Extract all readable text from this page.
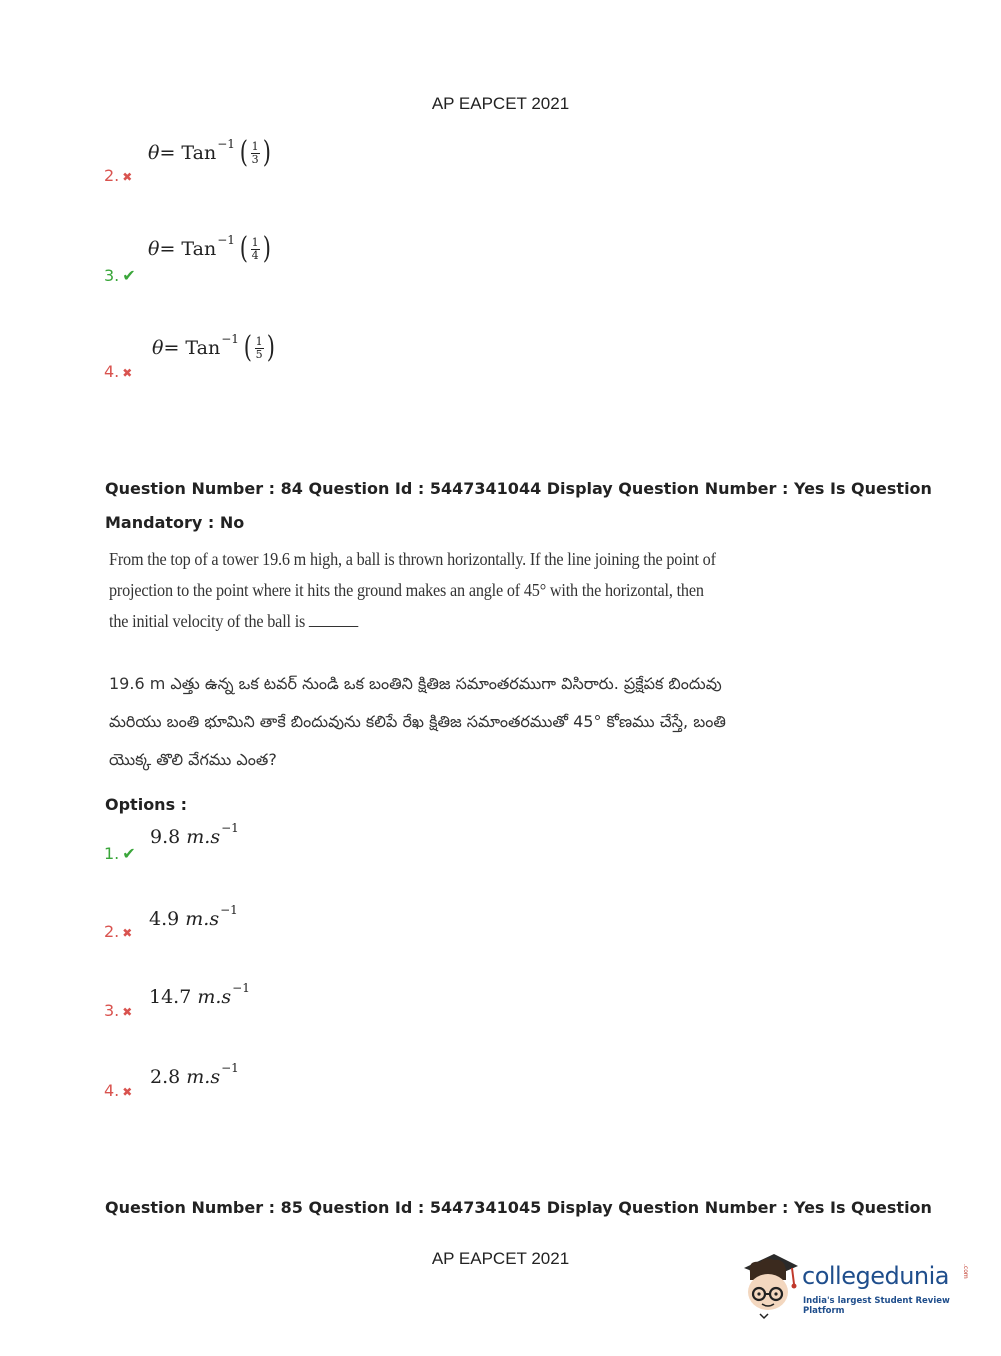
AP EAPCET 2021
2. ✖
θ = Tan −1 ( $\frac{1}{3}$ )
3. ✔
θ = Tan −1 ( $\frac{1}{4}$ )
4. ✖
θ = Tan −1 ( $\frac{1}{5}$ )
Question Number : 84 Question Id : 5447341044 Display Question Number : Yes Is Question
Mandatory : No
From the top of a tower 19.6 m high, a ball is thrown horizontally. If the line joining the point of
projection to the point where it hits the ground makes an angle of 45° with the horizontal, then
the initial velocity of the ball is
19.6 m ఎత్తు ఉన్న ఒక టవర్ నుండి ఒక బంతిని క్షితిజ సమాంతరముగా విసిరారు. ప్రక్షేపక బిందువు
మరియు బంతి భూమిని తాకే బిందువును కలిపే రేఖ క్షితిజ సమాంతరముతో 45° కోణము చేస్తే, బంతి
యొక్క తొలి వేగము ఎంత?
Options :
1. ✔
9.8
m.s −1
2. ✖
4.9
m.s −1
3. ✖
14.7
m.s −1
4. ✖
2.8
m.s −1
Question Number : 85 Question Id : 5447341045 Display Question Number : Yes Is Question
AP EAPCET 2021
collegedunia .com
India's largest Student Review Platform
